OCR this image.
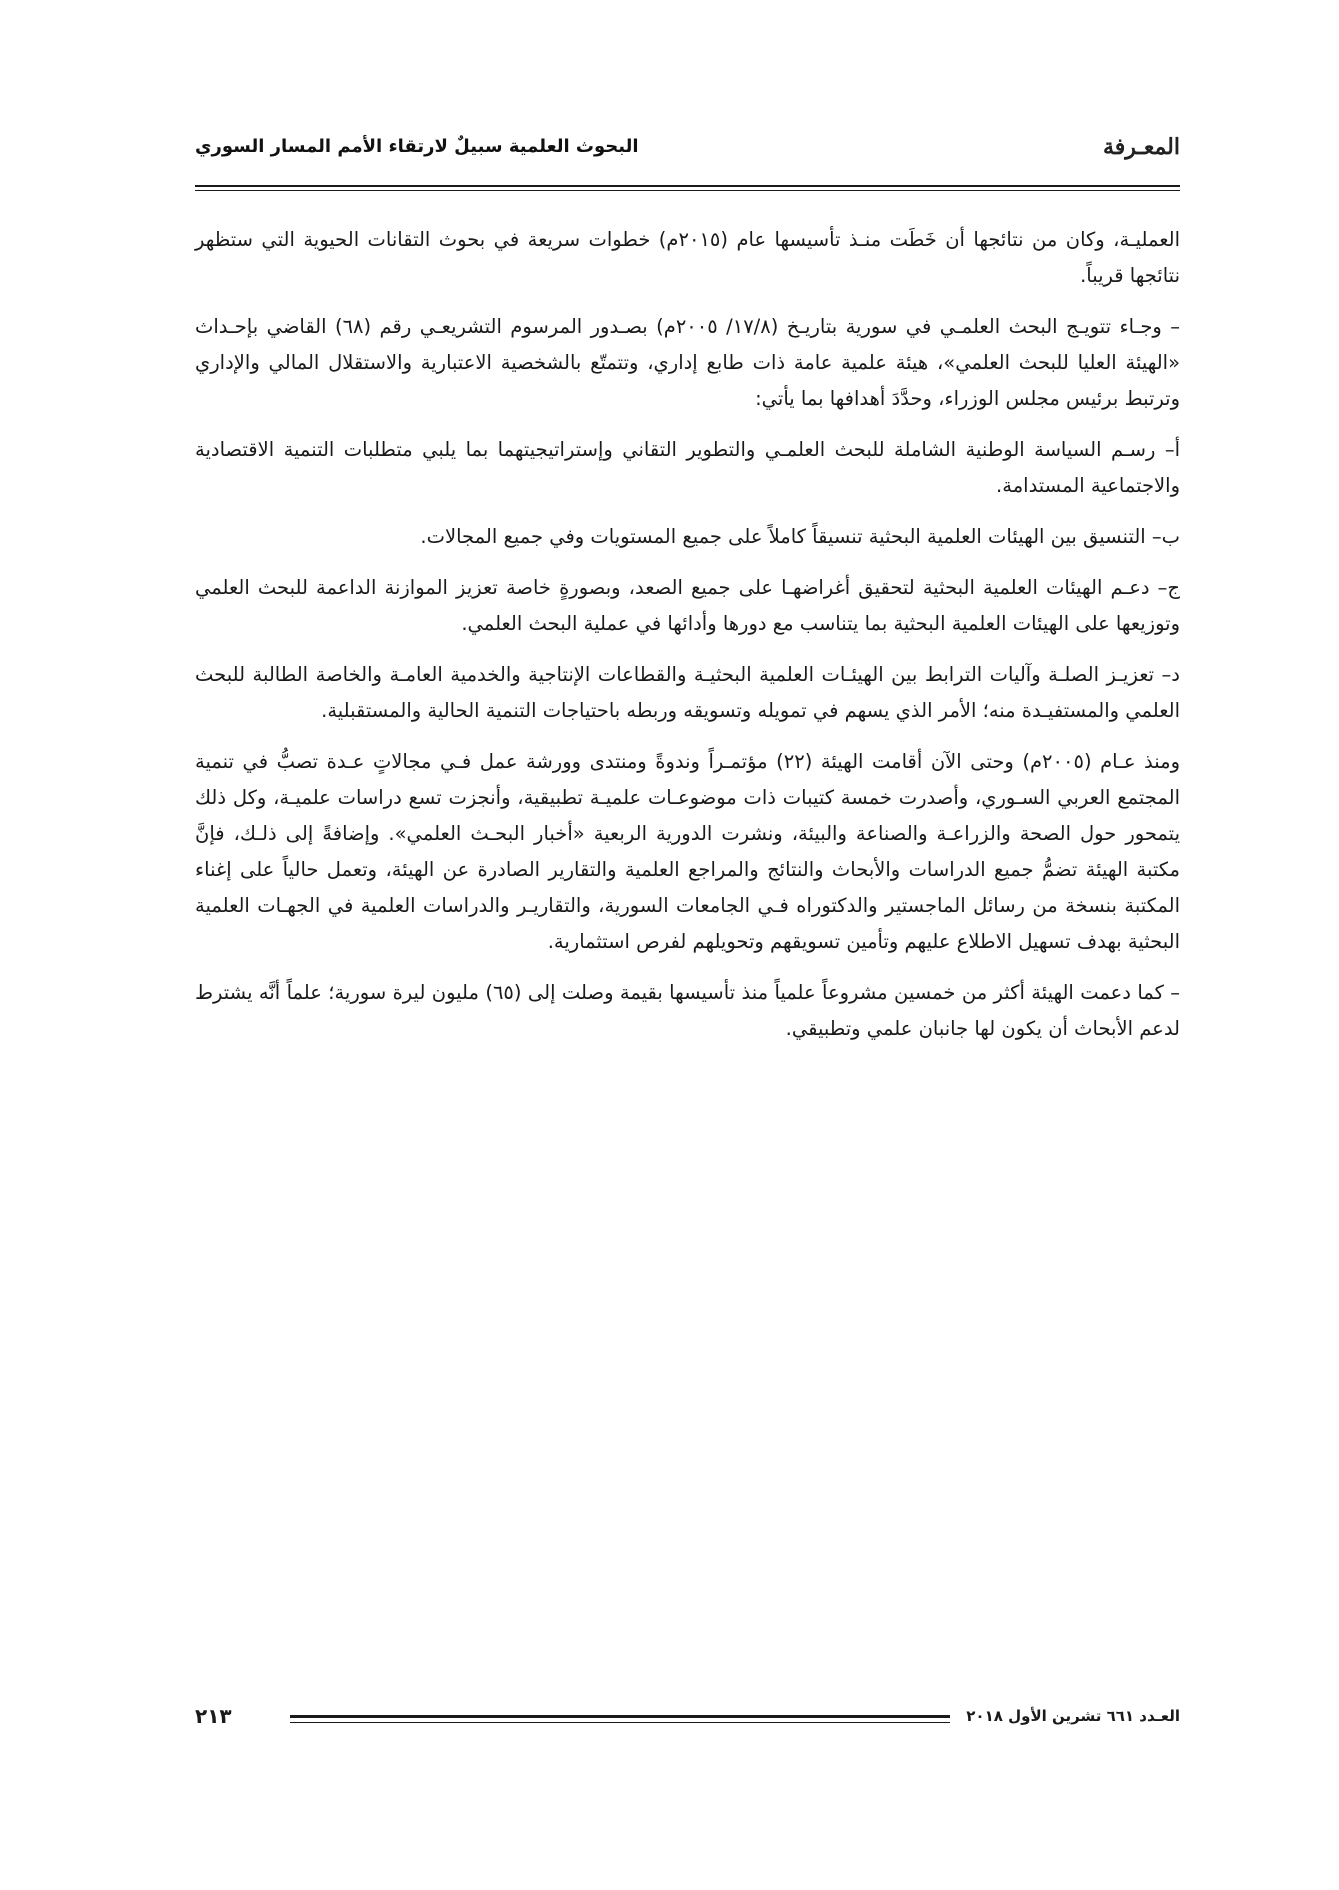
المعـرفة
البحوث العلمية سبيلٌ لارتقاء الأمم المسار السوري

العمليـة، وكان من نتائجها أن خَطَت منـذ تأسيسها عام (٢٠١٥م) خطوات سريعة في بحوث التقانات الحيوية التي ستظهر نتائجها قريباً.

– وجـاء تتويـج البحث العلمـي في سورية بتاريـخ (١٧/٨/ ٢٠٠٥م) بصـدور المرسوم التشريعـي رقم (٦٨) القاضي بإحـداث «الهيئة العليا للبحث العلمي»، هيئة علمية عامة ذات طابع إداري، وتتمتّع بالشخصية الاعتبارية والاستقلال المالي والإداري وترتبط برئيس مجلس الوزراء، وحدَّدَ أهدافها بما يأتي:

أ– رسـم السياسة الوطنية الشاملة للبحث العلمـي والتطوير التقاني وإستراتيجيتهما بما يلبي متطلبات التنمية الاقتصادية والاجتماعية المستدامة.

ب– التنسيق بين الهيئات العلمية البحثية تنسيقاً كاملاً على جميع المستويات وفي جميع المجالات.

ج– دعـم الهيئات العلمية البحثية لتحقيق أغراضهـا على جميع الصعد، وبصورةٍ خاصة تعزيز الموازنة الداعمة للبحث العلمي وتوزيعها على الهيئات العلمية البحثية بما يتناسب مع دورها وأدائها في عملية البحث العلمي.

د– تعزيـز الصلـة وآليات الترابط بين الهيئـات العلمية البحثيـة والقطاعات الإنتاجية والخدمية العامـة والخاصة الطالبة للبحث العلمي والمستفيـدة منه؛ الأمر الذي يسهم في تمويله وتسويقه وربطه باحتياجات التنمية الحالية والمستقبلية.

ومنذ عـام (٢٠٠٥م) وحتى الآن أقامت الهيئة (٢٢) مؤتمـراً وندوةً ومنتدى وورشة عمل فـي مجالاتٍ عـدة تصبُّ في تنمية المجتمع العربي السـوري، وأصدرت خمسة كتيبات ذات موضوعـات علميـة تطبيقية، وأنجزت تسع دراسات علميـة، وكل ذلك يتمحور حول الصحة والزراعـة والصناعة والبيئة، ونشرت الدورية الربعية «أخبار البحـث العلمي». وإضافةً إلى ذلـك، فإنَّ مكتبة الهيئة تضمُّ جميع الدراسات والأبحاث والنتائج والمراجع العلمية والتقارير الصادرة عن الهيئة، وتعمل حالياً على إغناء المكتبة بنسخة من رسائل الماجستير والدكتوراه فـي الجامعات السورية، والتقاريـر والدراسات العلمية في الجهـات العلمية البحثية بهدف تسهيل الاطلاع عليهم وتأمين تسويقهم وتحويلهم لفرص استثمارية.

– كما دعمت الهيئة أكثر من خمسين مشروعاً علمياً منذ تأسيسها بقيمة وصلت إلى (٦٥) مليون ليرة سورية؛ علماً أنَّه يشترط لدعم الأبحاث أن يكون لها جانبان علمي وتطبيقي.

العـدد ٦٦١ تشرين الأول ٢٠١٨
٢١٣
